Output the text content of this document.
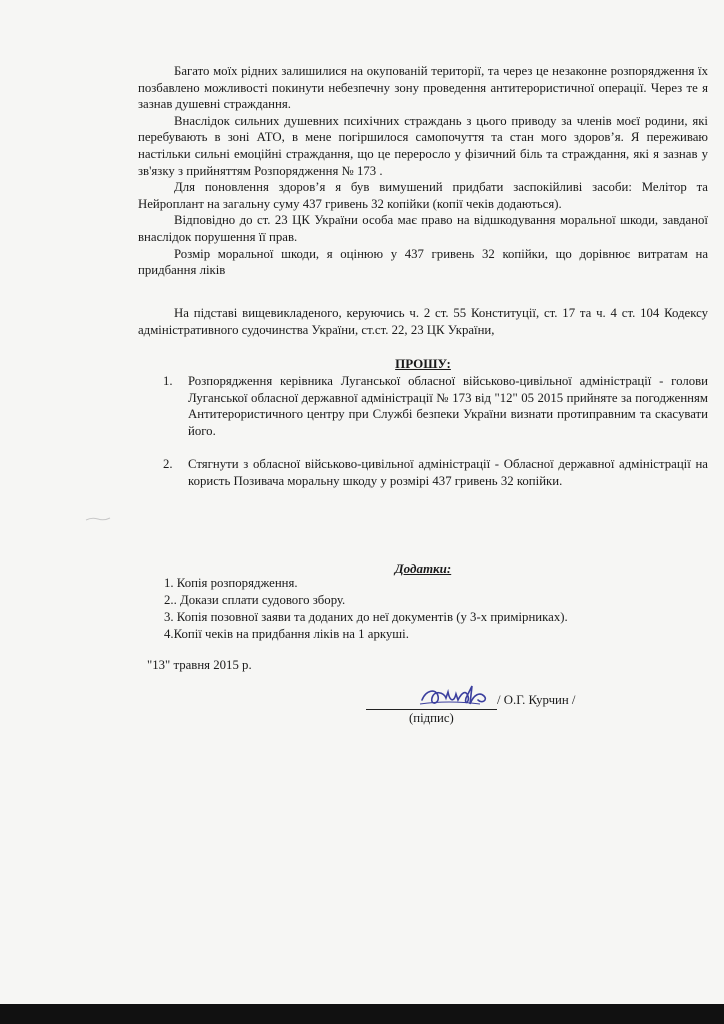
Багато моїх рідних залишилися на окупованій території, та через це незаконне розпорядження їх позбавлено можливості покинути небезпечну зону проведення антитерористичної операції. Через те я зазнав душевні страждання.

Внаслідок сильних душевних психічних страждань з цього приводу за членів моєї родини, які перебувають в зоні АТО, в мене погіршилося самопочуття та стан мого здоров’я. Я переживаю настільки сильні емоційні страждання, що це переросло у фізичний біль та страждання, які я зазнав у зв'язку з прийняттям Розпорядження № 173 .

Для поновлення здоров’я я був вимушений придбати заспокійливі засоби: Мелітор та Нейроплант на загальну суму 437 гривень 32 копійки (копії чеків додаються).

Відповідно до ст. 23 ЦК України особа має право на відшкодування моральної шкоди, завданої внаслідок порушення її прав.

Розмір моральної шкоди, я оцінюю у 437 гривень 32 копійки, що дорівнює витратам на придбання ліків

На підставі вищевикладеного, керуючись ч. 2 ст. 55 Конституції, ст. 17 та ч. 4 ст. 104 Кодексу адміністративного судочинства України, ст.ст. 22, 23 ЦК України,

ПРОШУ:
1.	Розпорядження керівника Луганської обласної військово-цивільної адміністрації - голови Луганської обласної державної адміністрації № 173 від "12" 05 2015 прийняте за погодженням Антитерористичного центру при Службі безпеки України визнати протиправним та скасувати його.
2.	Стягнути з обласної військово-цивільної адміністрації - Обласної державної адміністрації на користь Позивача моральну шкоду у розмірі 437 гривень 32 копійки.
Додатки:
1. Копія розпорядження.
2.. Докази сплати судового збору.
3. Копія позовної заяви та доданих до неї документів (у 3-х примірниках).
4.Копії чеків на придбання ліків на 1 аркуші.
"13" травня 2015 р.
/ О.Г. Курчин /
(підпис)
